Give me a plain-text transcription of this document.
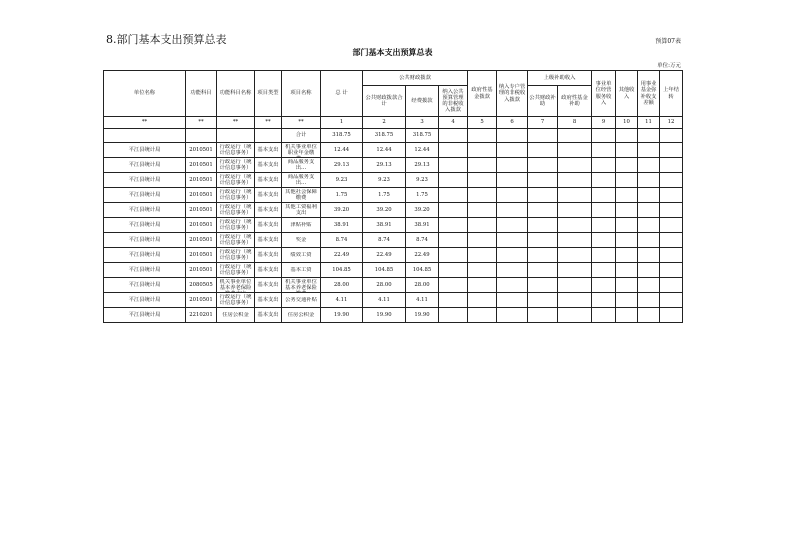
8.部门基本支出预算总表	预算07表
部门基本支出预算总表
单位:万元
单位名称	功能科目	功能科目名称	项目类型	项目名称	总 计	公共财政拨款			政府性基金拨款	纳入专户管理的非税收入拨款	上级补助收入		事业单位经营服务收入	其他收入	用事业基金弥补收支差额	上年结转
						公共财政拨款合计	经费拨款	纳入公共预算管理的非税收入拨款			公共财政补助	政府性基金补助				
**	**	**	**	**	1	2	3	4	5	6	7	8	9	10	11	12
				合计	318.75	318.75	318.75									
平江县统计局	2010501	行政运行（统计信息事务）	基本支出	机关事业单位职业年金缴	12.44	12.44	12.44									
平江县统计局	2010501	行政运行（统计信息事务）	基本支出	商品服务支出…	29.13	29.13	29.13									
平江县统计局	2010501	行政运行（统计信息事务）	基本支出	商品服务支出…	9.23	9.23	9.23									
平江县统计局	2010501	行政运行（统计信息事务）	基本支出	其他社会保障缴费	1.75	1.75	1.75									
平江县统计局	2010501	行政运行（统计信息事务）	基本支出	其他工资福利支出	39.20	39.20	39.20									
平江县统计局	2010501	行政运行（统计信息事务）	基本支出	津贴补贴	38.91	38.91	38.91									
平江县统计局	2010501	行政运行（统计信息事务）	基本支出	奖金	8.74	8.74	8.74									
平江县统计局	2010501	行政运行（统计信息事务）	基本支出	绩效工资	22.49	22.49	22.49									
平江县统计局	2010501	行政运行（统计信息事务）	基本支出	基本工资	104.85	104.85	104.85									
平江县统计局	2080505	机关事业单位基本养老保险	基本支出	机关事业单位基本养老保险	28.00	28.00	28.00									
平江县统计局	2010501	行政运行（统计信息事务）	基本支出	公务交通补贴	4.11	4.11	4.11									
平江县统计局	2210201	住房公积金	基本支出	住房公积金	19.90	19.90	19.90									
